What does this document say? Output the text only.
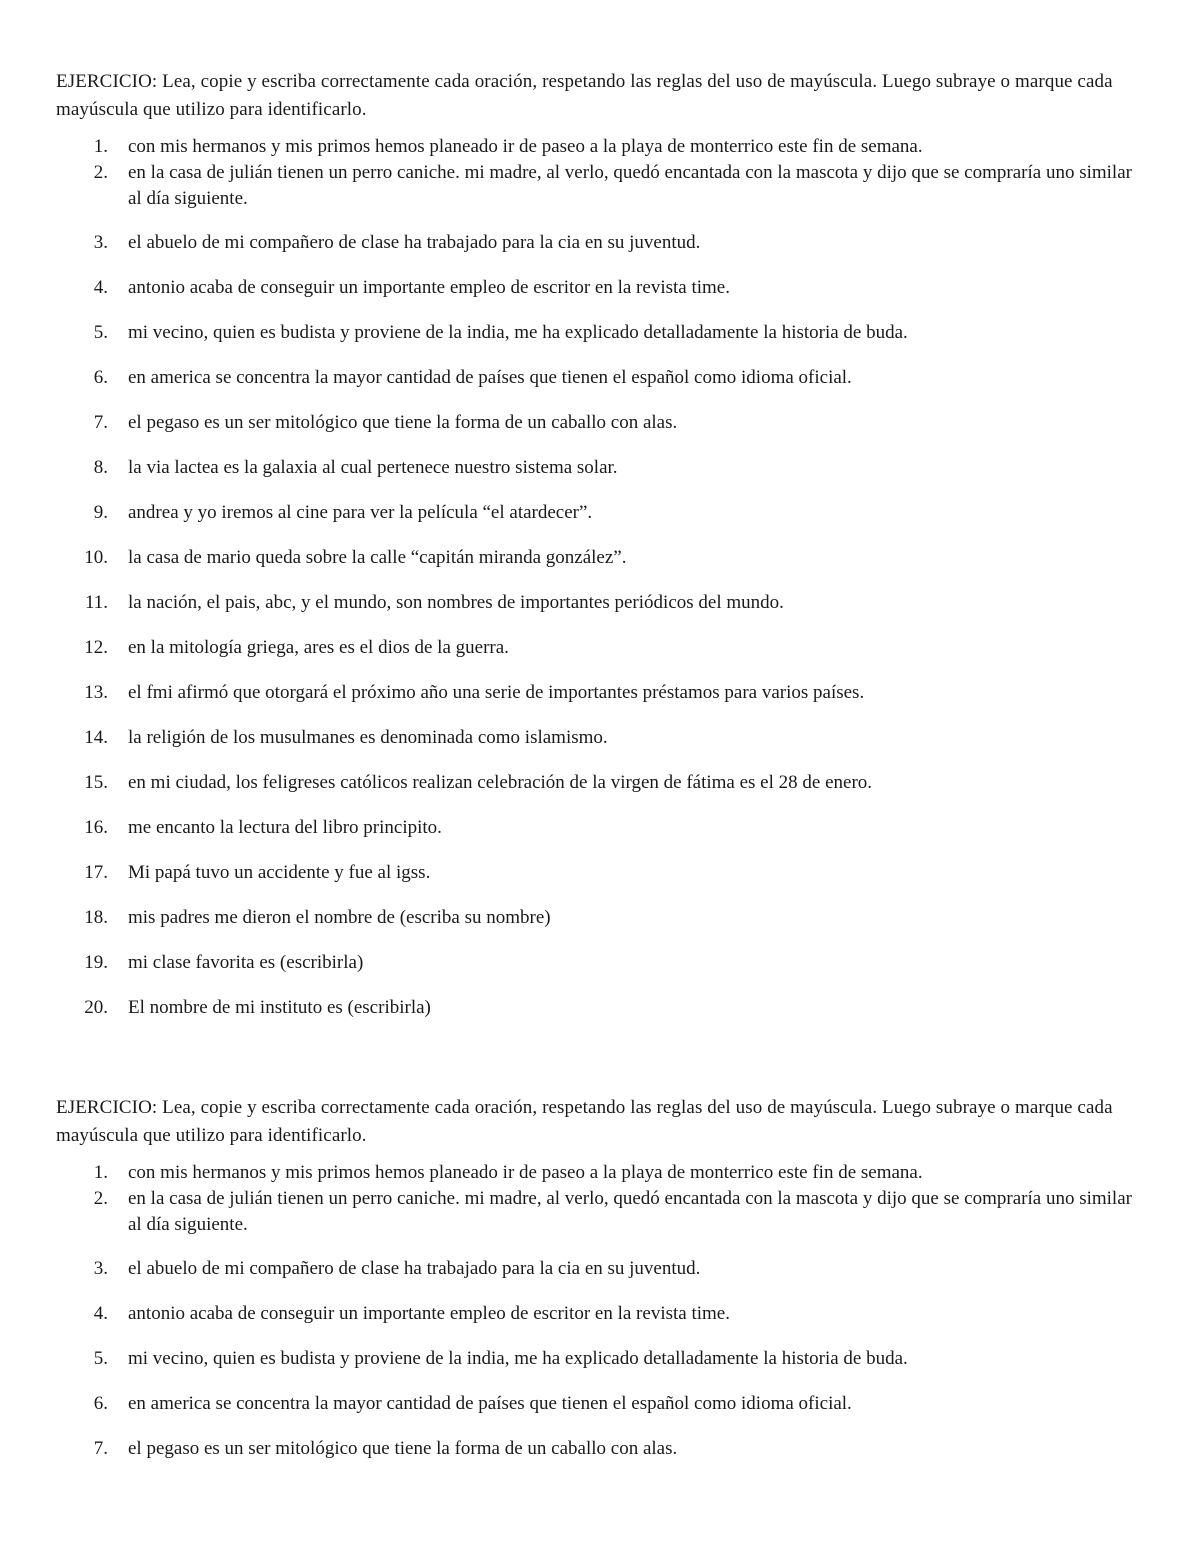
EJERCICIO: Lea, copie y escriba correctamente cada oración, respetando las reglas del uso de mayúscula. Luego subraye o marque cada mayúscula que utilizo para identificarlo.

1. con mis hermanos y mis primos hemos planeado ir de paseo a la playa de monterrico este fin de semana.
2. en la casa de julián tienen un perro caniche. mi madre, al verlo, quedó encantada con la mascota y dijo que se compraría uno similar al día siguiente.
3. el abuelo de mi compañero de clase ha trabajado para la cia en su juventud.
4. antonio acaba de conseguir un importante empleo de escritor en la revista time.
5. mi vecino, quien es budista y proviene de la india, me ha explicado detalladamente la historia de buda.
6. en america se concentra la mayor cantidad de países que tienen el español como idioma oficial.
7. el pegaso es un ser mitológico que tiene la forma de un caballo con alas.
8. la via lactea es la galaxia al cual pertenece nuestro sistema solar.
9. andrea y yo iremos al cine para ver la película “el atardecer”.
10. la casa de mario queda sobre la calle “capitán miranda gonzález”.
11. la nación, el pais, abc, y el mundo, son nombres de importantes periódicos del mundo.
12. en la mitología griega, ares es el dios de la guerra.
13. el fmi afirmó que otorgará el próximo año una serie de importantes préstamos para varios países.
14. la religión de los musulmanes es denominada como islamismo.
15. en mi ciudad, los feligreses católicos realizan celebración de la virgen de fátima es el 28 de enero.
16. me encanto la lectura del libro principito.
17. Mi papá tuvo un accidente y fue al igss.
18. mis padres me dieron el nombre de (escriba su nombre)
19. mi clase favorita es (escribirla)
20. El nombre de mi instituto es (escribirla)

EJERCICIO: Lea, copie y escriba correctamente cada oración, respetando las reglas del uso de mayúscula. Luego subraye o marque cada mayúscula que utilizo para identificarlo.

1. con mis hermanos y mis primos hemos planeado ir de paseo a la playa de monterrico este fin de semana.
2. en la casa de julián tienen un perro caniche. mi madre, al verlo, quedó encantada con la mascota y dijo que se compraría uno similar al día siguiente.
3. el abuelo de mi compañero de clase ha trabajado para la cia en su juventud.
4. antonio acaba de conseguir un importante empleo de escritor en la revista time.
5. mi vecino, quien es budista y proviene de la india, me ha explicado detalladamente la historia de buda.
6. en america se concentra la mayor cantidad de países que tienen el español como idioma oficial.
7. el pegaso es un ser mitológico que tiene la forma de un caballo con alas.
